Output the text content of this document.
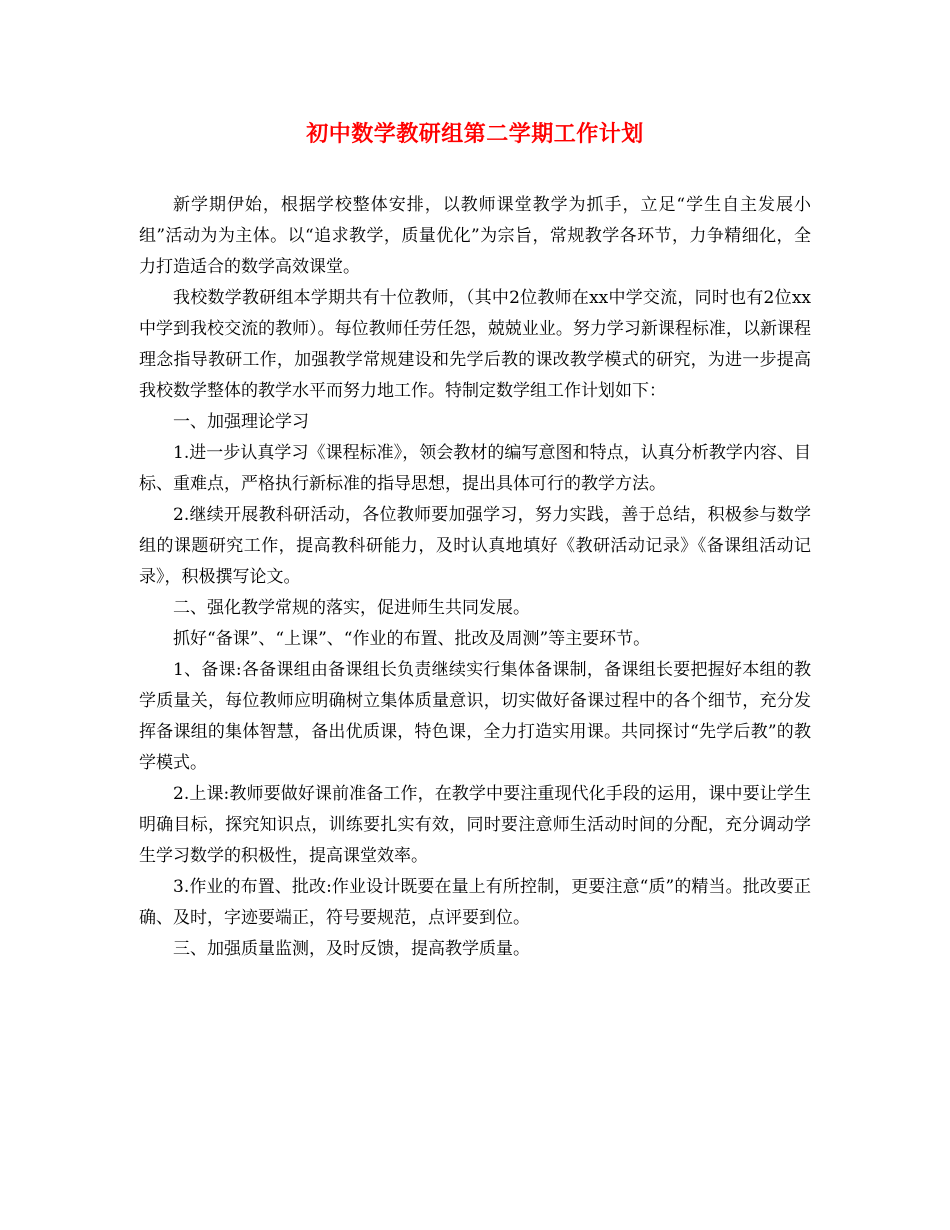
初中数学教研组第二学期工作计划

新学期伊始，根据学校整体安排，以教师课堂教学为抓手，立足“学生自主发展小组”活动为为主体。以“追求教学，质量优化”为宗旨，常规教学各环节，力争精细化，全力打造适合的数学高效课堂。

我校数学教研组本学期共有十位教师，（其中2位教师在xx中学交流，同时也有2位xx中学到我校交流的教师）。每位教师任劳任怨，兢兢业业。努力学习新课程标准，以新课程理念指导教研工作，加强教学常规建设和先学后教的课改教学模式的研究，为进一步提高我校数学整体的教学水平而努力地工作。特制定数学组工作计划如下：

一、加强理论学习

1.进一步认真学习《课程标准》，领会教材的编写意图和特点，认真分析教学内容、目标、重难点，严格执行新标准的指导思想，提出具体可行的教学方法。

2.继续开展教科研活动，各位教师要加强学习，努力实践，善于总结，积极参与数学组的课题研究工作，提高教科研能力，及时认真地填好《教研活动记录》《备课组活动记录》，积极撰写论文。

二、强化教学常规的落实，促进师生共同发展。

抓好“备课”、“上课”、“作业的布置、批改及周测”等主要环节。

1、备课:各备课组由备课组长负责继续实行集体备课制，备课组长要把握好本组的教学质量关，每位教师应明确树立集体质量意识，切实做好备课过程中的各个细节，充分发挥备课组的集体智慧，备出优质课，特色课，全力打造实用课。共同探讨“先学后教”的教学模式。

2.上课:教师要做好课前准备工作，在教学中要注重现代化手段的运用，课中要让学生明确目标，探究知识点，训练要扎实有效，同时要注意师生活动时间的分配，充分调动学生学习数学的积极性，提高课堂效率。

3.作业的布置、批改:作业设计既要在量上有所控制，更要注意“质”的精当。批改要正确、及时，字迹要端正，符号要规范，点评要到位。

三、加强质量监测，及时反馈，提高教学质量。
